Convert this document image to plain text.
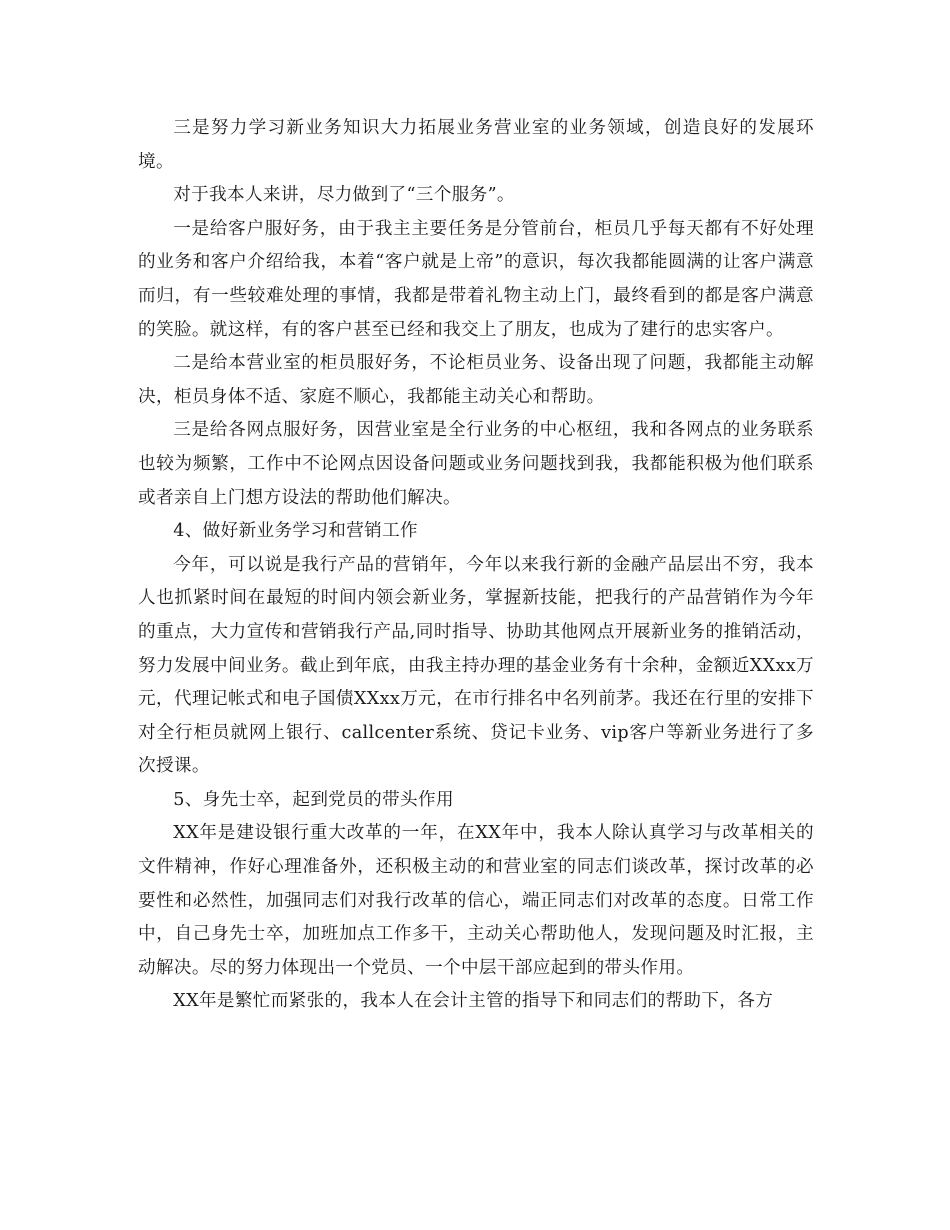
三是努力学习新业务知识大力拓展业务营业室的业务领域，创造良好的发展环境。

对于我本人来讲，尽力做到了“三个服务”。

一是给客户服好务，由于我主主要任务是分管前台，柜员几乎每天都有不好处理的业务和客户介绍给我，本着“客户就是上帝”的意识，每次我都能圆满的让客户满意而归，有一些较难处理的事情，我都是带着礼物主动上门，最终看到的都是客户满意的笑脸。就这样，有的客户甚至已经和我交上了朋友，也成为了建行的忠实客户。

二是给本营业室的柜员服好务，不论柜员业务、设备出现了问题，我都能主动解决，柜员身体不适、家庭不顺心，我都能主动关心和帮助。

三是给各网点服好务，因营业室是全行业务的中心枢纽，我和各网点的业务联系也较为频繁，工作中不论网点因设备问题或业务问题找到我，我都能积极为他们联系或者亲自上门想方设法的帮助他们解决。

4、做好新业务学习和营销工作

今年，可以说是我行产品的营销年，今年以来我行新的金融产品层出不穷，我本人也抓紧时间在最短的时间内领会新业务，掌握新技能，把我行的产品营销作为今年的重点，大力宣传和营销我行产品,同时指导、协助其他网点开展新业务的推销活动，努力发展中间业务。截止到年底，由我主持办理的基金业务有十余种，金额近XXxx万元，代理记帐式和电子国债XXxx万元，在市行排名中名列前茅。我还在行里的安排下对全行柜员就网上银行、callcenter系统、贷记卡业务、vip客户等新业务进行了多次授课。

5、身先士卒，起到党员的带头作用

XX年是建设银行重大改革的一年，在XX年中，我本人除认真学习与改革相关的文件精神，作好心理准备外，还积极主动的和营业室的同志们谈改革，探讨改革的必要性和必然性，加强同志们对我行改革的信心，端正同志们对改革的态度。日常工作中，自己身先士卒，加班加点工作多干，主动关心帮助他人，发现问题及时汇报，主动解决。尽的努力体现出一个党员、一个中层干部应起到的带头作用。

XX年是繁忙而紧张的，我本人在会计主管的指导下和同志们的帮助下，各方
